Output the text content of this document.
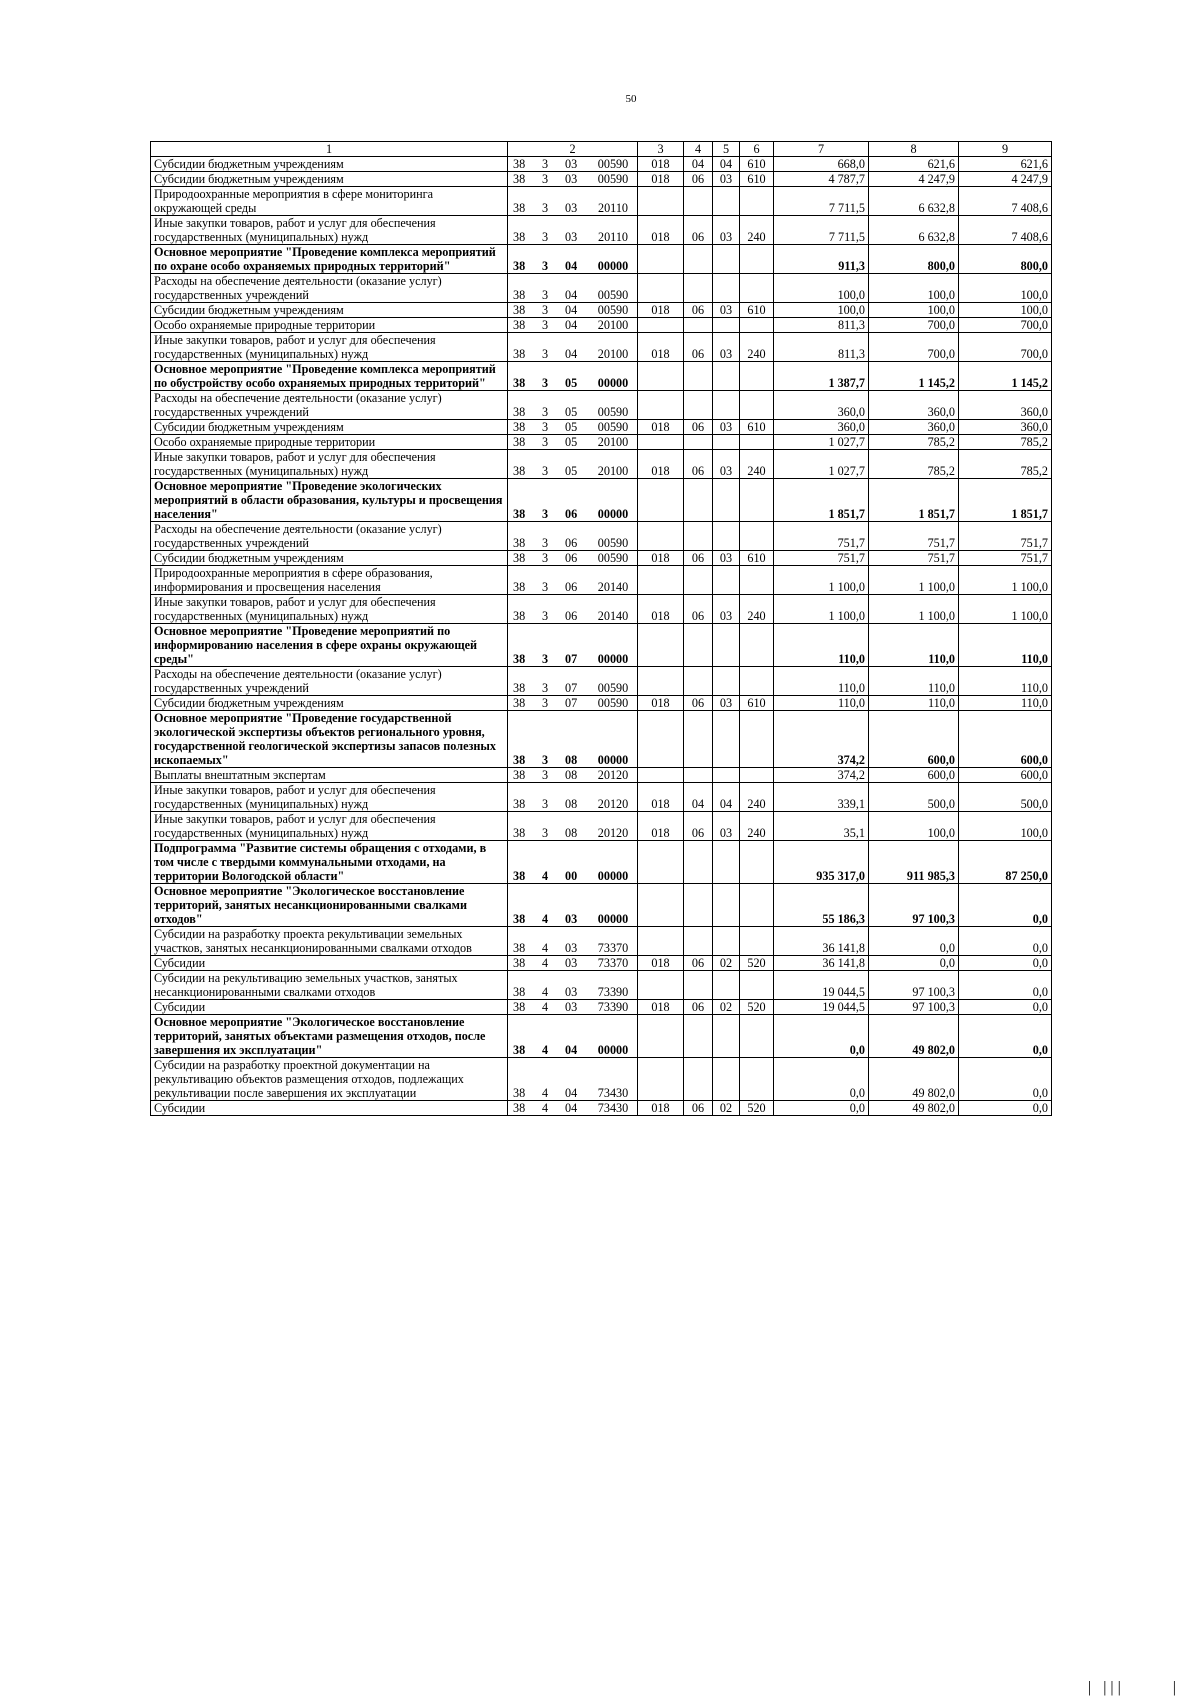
50
1	2	3	4	5	6	7	8	9
Субсидии бюджетным учреждениям	38 3 03 00590	018	04	04	610	668,0	621,6	621,6
Субсидии бюджетным учреждениям	38 3 03 00590	018	06	03	610	4 787,7	4 247,9	4 247,9
Природоохранные мероприятия в сфере мониторинга окружающей среды	38 3 03 20110					7 711,5	6 632,8	7 408,6
Иные закупки товаров, работ и услуг для обеспечения государственных (муниципальных) нужд	38 3 03 20110	018	06	03	240	7 711,5	6 632,8	7 408,6
Основное мероприятие "Проведение комплекса мероприятий по охране особо охраняемых природных территорий"	38 3 04 00000					911,3	800,0	800,0
Расходы на обеспечение деятельности (оказание услуг) государственных учреждений	38 3 04 00590					100,0	100,0	100,0
Субсидии бюджетным учреждениям	38 3 04 00590	018	06	03	610	100,0	100,0	100,0
Особо охраняемые природные территории	38 3 04 20100					811,3	700,0	700,0
Иные закупки товаров, работ и услуг для обеспечения государственных (муниципальных) нужд	38 3 04 20100	018	06	03	240	811,3	700,0	700,0
Основное мероприятие "Проведение комплекса мероприятий по обустройству особо охраняемых природных территорий"	38 3 05 00000					1 387,7	1 145,2	1 145,2
Расходы на обеспечение деятельности (оказание услуг) государственных учреждений	38 3 05 00590					360,0	360,0	360,0
Субсидии бюджетным учреждениям	38 3 05 00590	018	06	03	610	360,0	360,0	360,0
Особо охраняемые природные территории	38 3 05 20100					1 027,7	785,2	785,2
Иные закупки товаров, работ и услуг для обеспечения государственных (муниципальных) нужд	38 3 05 20100	018	06	03	240	1 027,7	785,2	785,2
Основное мероприятие "Проведение экологических мероприятий в области образования, культуры и просвещения населения"	38 3 06 00000					1 851,7	1 851,7	1 851,7
Расходы на обеспечение деятельности (оказание услуг) государственных учреждений	38 3 06 00590					751,7	751,7	751,7
Субсидии бюджетным учреждениям	38 3 06 00590	018	06	03	610	751,7	751,7	751,7
Природоохранные мероприятия в сфере образования, информирования и просвещения населения	38 3 06 20140					1 100,0	1 100,0	1 100,0
Иные закупки товаров, работ и услуг для обеспечения государственных (муниципальных) нужд	38 3 06 20140	018	06	03	240	1 100,0	1 100,0	1 100,0
Основное мероприятие "Проведение мероприятий по информированию населения в сфере охраны окружающей среды"	38 3 07 00000					110,0	110,0	110,0
Расходы на обеспечение деятельности (оказание услуг) государственных учреждений	38 3 07 00590					110,0	110,0	110,0
Субсидии бюджетным учреждениям	38 3 07 00590	018	06	03	610	110,0	110,0	110,0
Основное мероприятие "Проведение государственной экологической экспертизы объектов регионального уровня, государственной геологической экспертизы запасов полезных ископаемых"	38 3 08 00000					374,2	600,0	600,0
Выплаты внештатным экспертам	38 3 08 20120					374,2	600,0	600,0
Иные закупки товаров, работ и услуг для обеспечения государственных (муниципальных) нужд	38 3 08 20120	018	04	04	240	339,1	500,0	500,0
Иные закупки товаров, работ и услуг для обеспечения государственных (муниципальных) нужд	38 3 08 20120	018	06	03	240	35,1	100,0	100,0
Подпрограмма "Развитие системы обращения с отходами, в том числе с твердыми коммунальными отходами, на территории Вологодской области"	38 4 00 00000					935 317,0	911 985,3	87 250,0
Основное мероприятие "Экологическое восстановление территорий, занятых несанкционированными свалками отходов"	38 4 03 00000					55 186,3	97 100,3	0,0
Субсидии на разработку проекта рекультивации земельных участков, занятых несанкционированными свалками отходов	38 4 03 73370					36 141,8	0,0	0,0
Субсидии	38 4 03 73370	018	06	02	520	36 141,8	0,0	0,0
Субсидии на рекультивацию земельных участков, занятых несанкционированными свалками отходов	38 4 03 73390					19 044,5	97 100,3	0,0
Субсидии	38 4 03 73390	018	06	02	520	19 044,5	97 100,3	0,0
Основное мероприятие "Экологическое восстановление территорий, занятых объектами размещения отходов, после завершения их эксплуатации"	38 4 04 00000					0,0	49 802,0	0,0
Субсидии на разработку проектной документации на рекультивацию объектов размещения отходов, подлежащих рекультивации после завершения их эксплуатации	38 4 04 73430					0,0	49 802,0	0,0
Субсидии	38 4 04 73430	018	06	02	520	0,0	49 802,0	0,0
| |||      |
